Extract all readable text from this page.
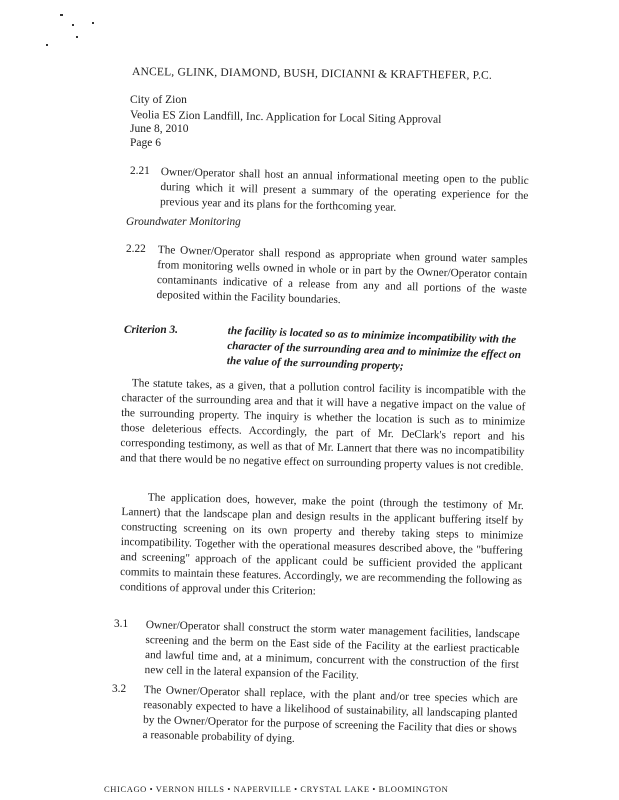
ANCEL, GLINK, DIAMOND, BUSH, DICIANNI & KRAFTHEFER, P.C.
City of Zion
Veolia ES Zion Landfill, Inc. Application for Local Siting Approval
June 8, 2010
Page 6
2.21 Owner/Operator shall host an annual informational meeting open to the public during which it will present a summary of the operating experience for the previous year and its plans for the forthcoming year.
Groundwater Monitoring
2.22 The Owner/Operator shall respond as appropriate when ground water samples from monitoring wells owned in whole or in part by the Owner/Operator contain contaminants indicative of a release from any and all portions of the waste deposited within the Facility boundaries.
Criterion 3.	the facility is located so as to minimize incompatibility with the character of the surrounding area and to minimize the effect on the value of the surrounding property;
The statute takes, as a given, that a pollution control facility is incompatible with the character of the surrounding area and that it will have a negative impact on the value of the surrounding property. The inquiry is whether the location is such as to minimize those deleterious effects. Accordingly, the part of Mr. DeClark's report and his corresponding testimony, as well as that of Mr. Lannert that there was no incompatibility and that there would be no negative effect on surrounding property values is not credible.
The application does, however, make the point (through the testimony of Mr. Lannert) that the landscape plan and design results in the applicant buffering itself by constructing screening on its own property and thereby taking steps to minimize incompatibility. Together with the operational measures described above, the "buffering and screening" approach of the applicant could be sufficient provided the applicant commits to maintain these features. Accordingly, we are recommending the following as conditions of approval under this Criterion:
3.1 Owner/Operator shall construct the storm water management facilities, landscape screening and the berm on the East side of the Facility at the earliest practicable and lawful time and, at a minimum, concurrent with the construction of the first new cell in the lateral expansion of the Facility.
3.2 The Owner/Operator shall replace, with the plant and/or tree species which are reasonably expected to have a likelihood of sustainability, all landscaping planted by the Owner/Operator for the purpose of screening the Facility that dies or shows a reasonable probability of dying.
CHICAGO • VERNON HILLS • NAPERVILLE • CRYSTAL LAKE • BLOOMINGTON
